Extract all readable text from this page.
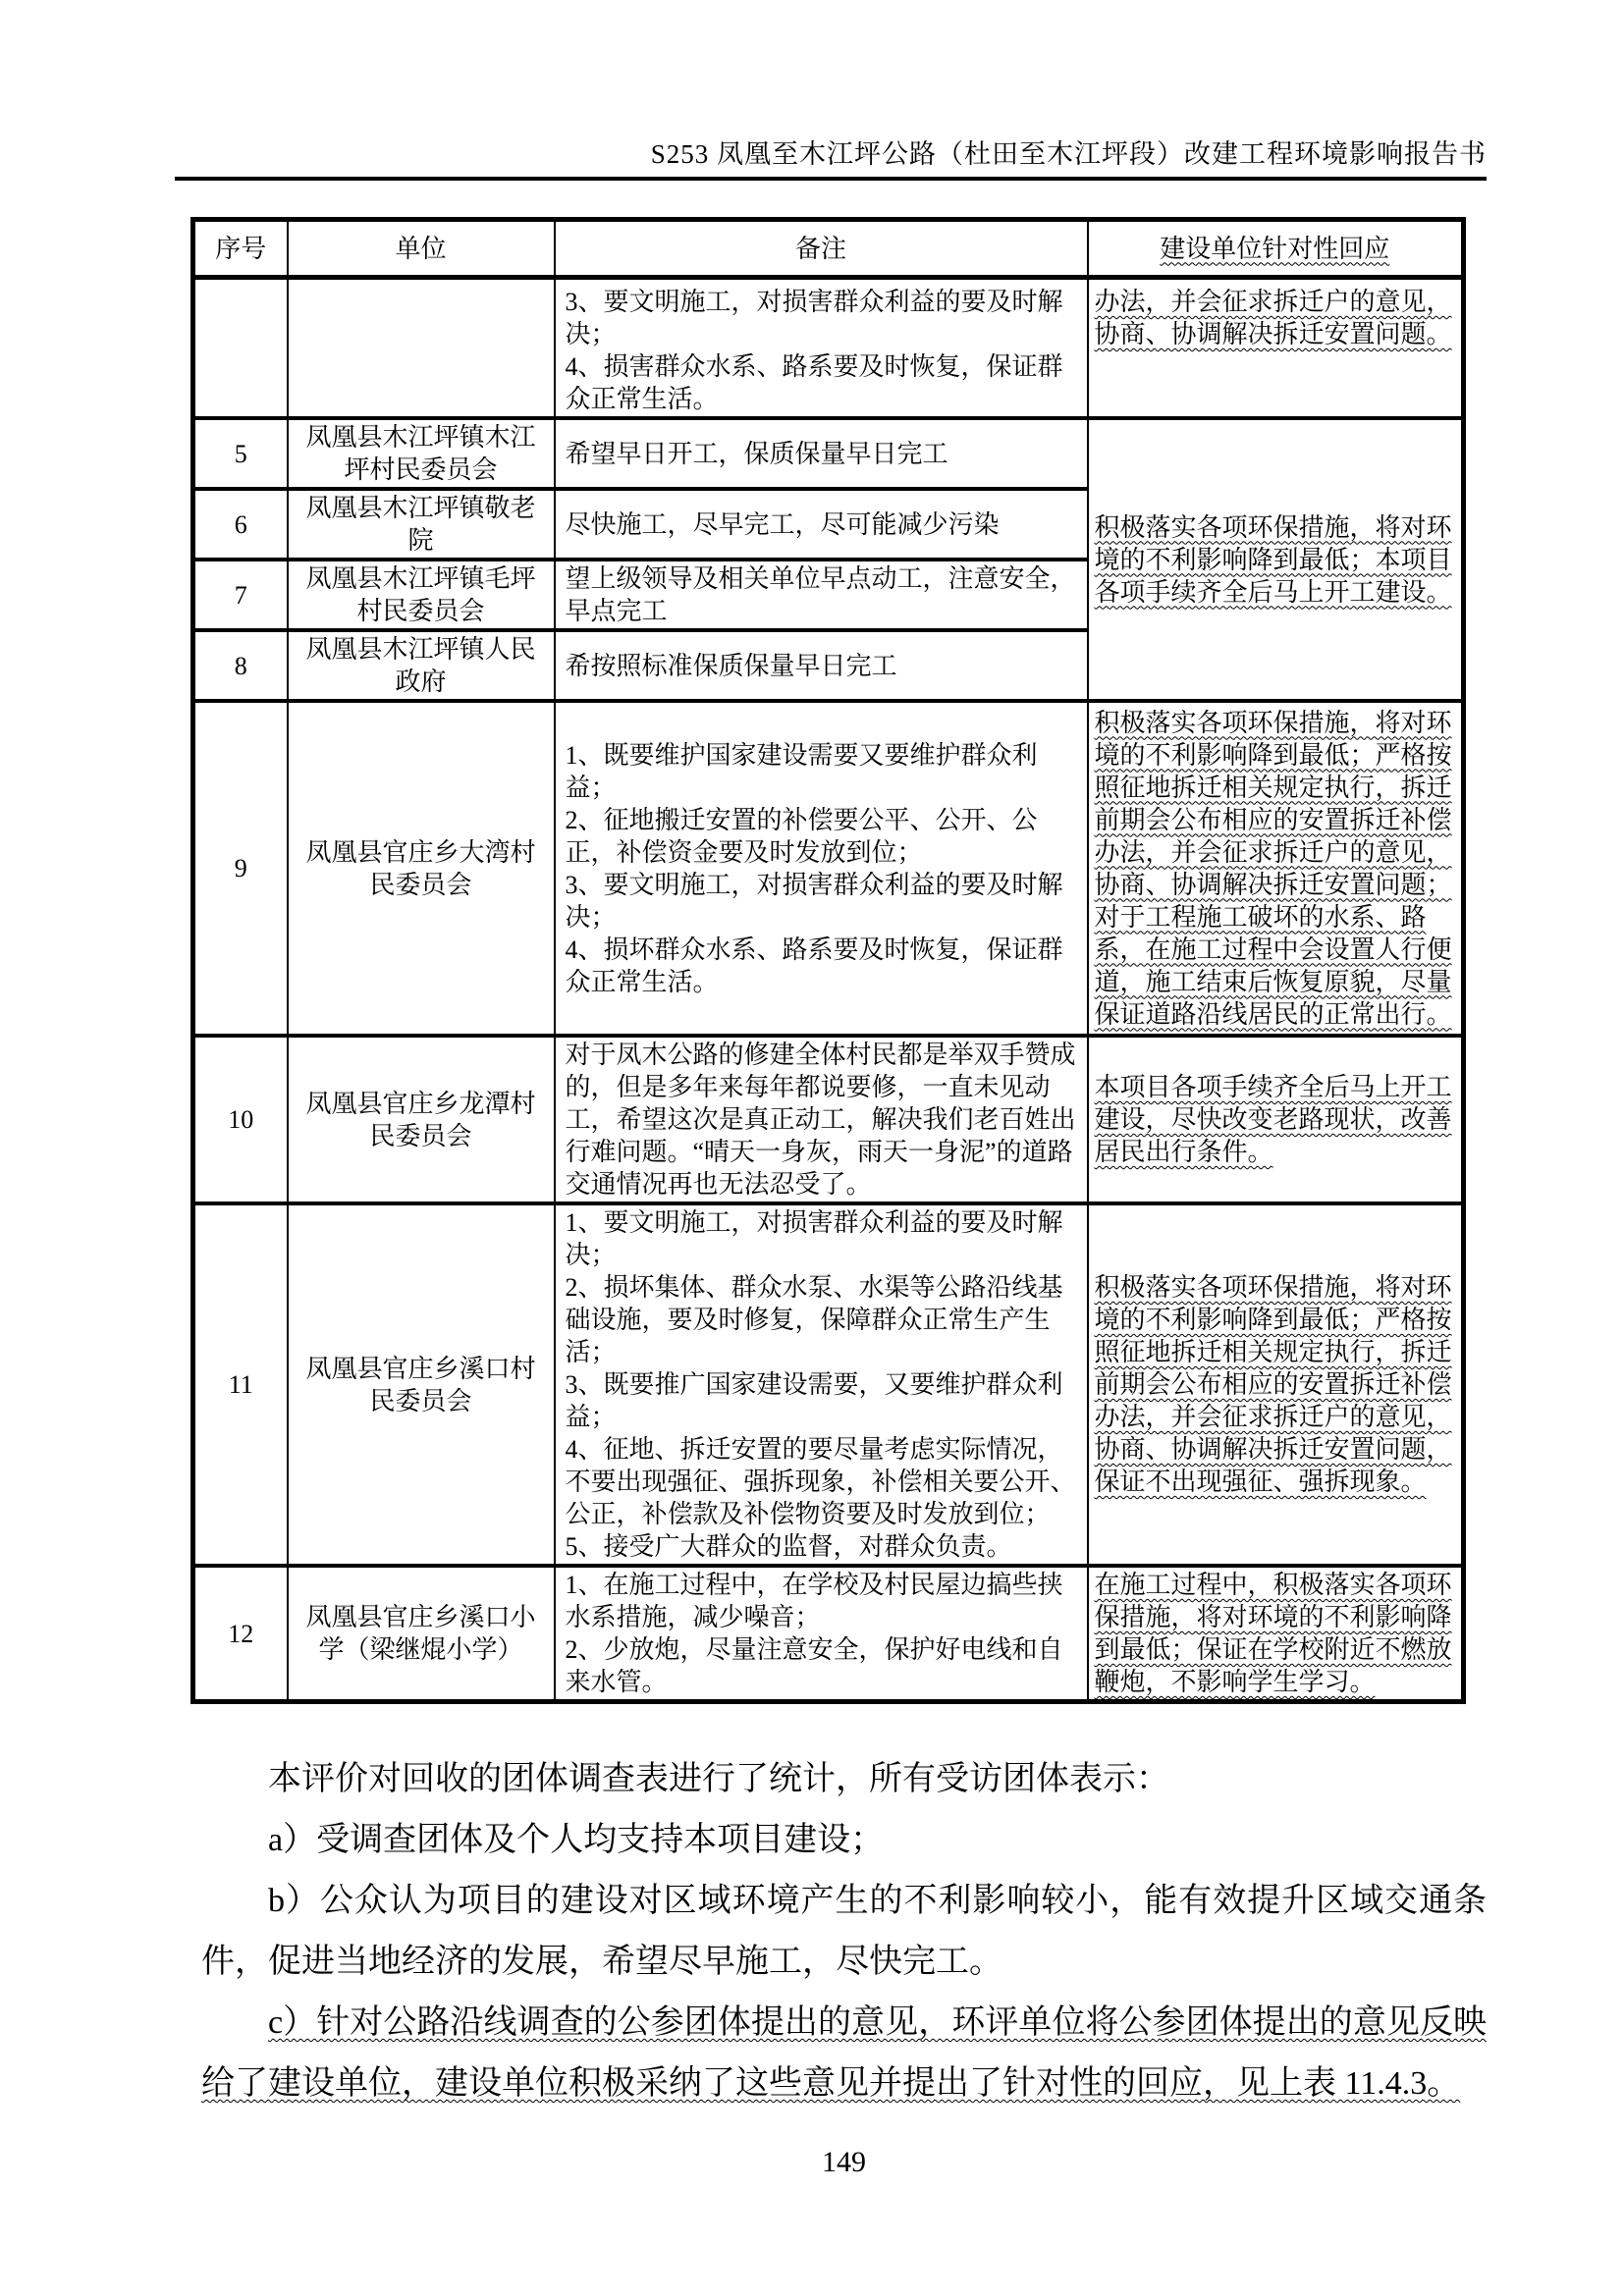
S253 凤凰至木江坪公路（杜田至木江坪段）改建工程环境影响报告书
序号	单位	备注	建设单位针对性回应

		3、要文明施工，对损害群众利益的要及时解决；
4、损害群众水系、路系要及时恢复，保证群众正常生活。	办法，并会征求拆迁户的意见，协商、协调解决拆迁安置问题。
5	凤凰县木江坪镇木江坪村民委员会	希望早日开工，保质保量早日完工	积极落实各项环保措施，将对环境的不利影响降到最低；本项目各项手续齐全后马上开工建设。
6	凤凰县木江坪镇敬老院	尽快施工，尽早完工，尽可能减少污染	
7	凤凰县木江坪镇毛坪村民委员会	望上级领导及相关单位早点动工，注意安全，早点完工	
8	凤凰县木江坪镇人民政府	希按照标准保质保量早日完工	
9	凤凰县官庄乡大湾村民委员会	1、既要维护国家建设需要又要维护群众利益；
2、征地搬迁安置的补偿要公平、公开、公正，补偿资金要及时发放到位；
3、要文明施工，对损害群众利益的要及时解决；
4、损坏群众水系、路系要及时恢复，保证群众正常生活。	积极落实各项环保措施，将对环境的不利影响降到最低；严格按照征地拆迁相关规定执行，拆迁前期会公布相应的安置拆迁补偿办法，并会征求拆迁户的意见，协商、协调解决拆迁安置问题；对于工程施工破坏的水系、路系，在施工过程中会设置人行便道，施工结束后恢复原貌，尽量保证道路沿线居民的正常出行。
10	凤凰县官庄乡龙潭村民委员会	对于凤木公路的修建全体村民都是举双手赞成的，但是多年来每年都说要修，一直未见动工，希望这次是真正动工，解决我们老百姓出行难问题。“晴天一身灰，雨天一身泥”的道路交通情况再也无法忍受了。	本项目各项手续齐全后马上开工建设，尽快改变老路现状，改善居民出行条件。
11	凤凰县官庄乡溪口村民委员会	1、要文明施工，对损害群众利益的要及时解决；
2、损坏集体、群众水泵、水渠等公路沿线基础设施，要及时修复，保障群众正常生产生活；
3、既要推广国家建设需要，又要维护群众利益；
4、征地、拆迁安置的要尽量考虑实际情况，不要出现强征、强拆现象，补偿相关要公开、公正，补偿款及补偿物资要及时发放到位；
5、接受广大群众的监督，对群众负责。	积极落实各项环保措施，将对环境的不利影响降到最低；严格按照征地拆迁相关规定执行，拆迁前期会公布相应的安置拆迁补偿办法，并会征求拆迁户的意见，协商、协调解决拆迁安置问题，保证不出现强征、强拆现象。
12	凤凰县官庄乡溪口小学（梁继焜小学）	1、在施工过程中，在学校及村民屋边搞些挟水系措施，减少噪音；
2、少放炮，尽量注意安全，保护好电线和自来水管。	在施工过程中，积极落实各项环保措施，将对环境的不利影响降到最低；保证在学校附近不燃放鞭炮，不影响学生学习。

本评价对回收的团体调查表进行了统计，所有受访团体表示：

a）受调查团体及个人均支持本项目建设；

b）公众认为项目的建设对区域环境产生的不利影响较小，能有效提升区域交通条件，促进当地经济的发展，希望尽早施工，尽快完工。

c）针对公路沿线调查的公参团体提出的意见，环评单位将公参团体提出的意见反映给了建设单位，建设单位积极采纳了这些意见并提出了针对性的回应，见上表 11.4.3。

149
